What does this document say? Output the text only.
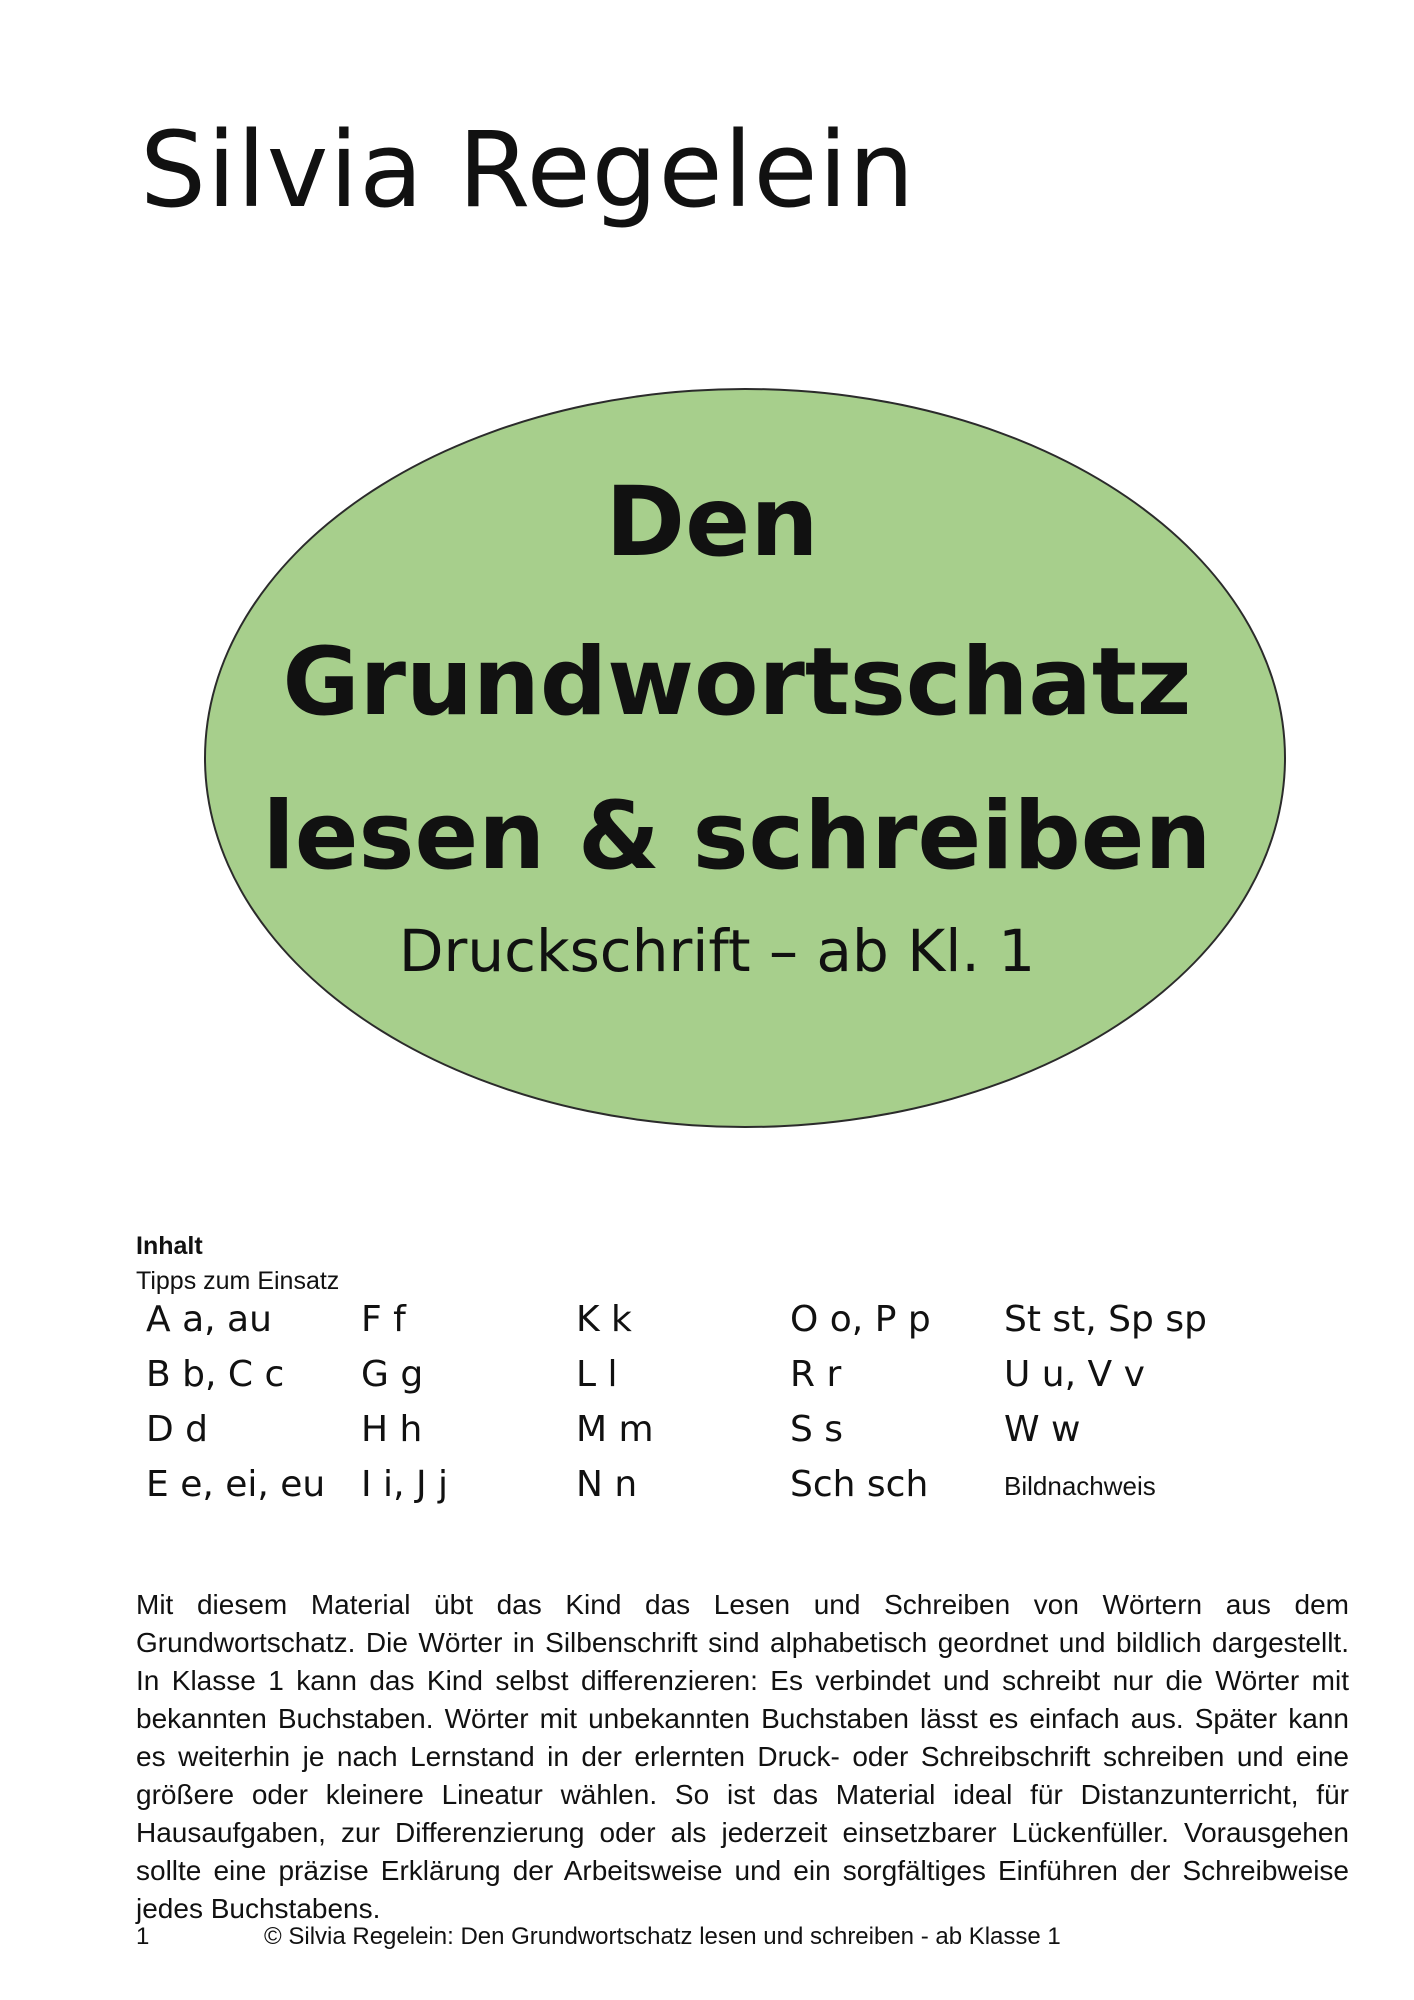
Silvia Regelein
Den
Grundwortschatz
lesen & schreiben
Druckschrift – ab Kl. 1
Inhalt
Tipps zum Einsatz
A a, au
B b, C c
D d
E e, ei, eu
F f
G g
H h
I i, J j
K k
L l
M m
N n
O o, P p
R r
S s
Sch sch
St st, Sp sp
U u, V v
W w
Bildnachweis

Mit diesem Material übt das Kind das Lesen und Schreiben von Wörtern aus dem Grundwortschatz. Die Wörter in Silbenschrift sind alphabetisch geordnet und bildlich dargestellt. In Klasse 1 kann das Kind selbst differenzieren: Es verbindet und schreibt nur die Wörter mit bekannten Buchstaben. Wörter mit unbekannten Buchstaben lässt es einfach aus. Später kann es weiterhin je nach Lernstand in der erlernten Druck- oder Schreibschrift schreiben und eine größere oder kleinere Lineatur wählen. So ist das Material ideal für Distanzunterricht, für Hausaufgaben, zur Differenzierung oder als jederzeit einsetzbarer Lückenfüller. Vorausgehen sollte eine präzise Erklärung der Arbeitsweise und ein sorgfältiges Einführen der Schreibweise jedes Buchstabens.

1	© Silvia Regelein: Den Grundwortschatz lesen und schreiben - ab Klasse 1
